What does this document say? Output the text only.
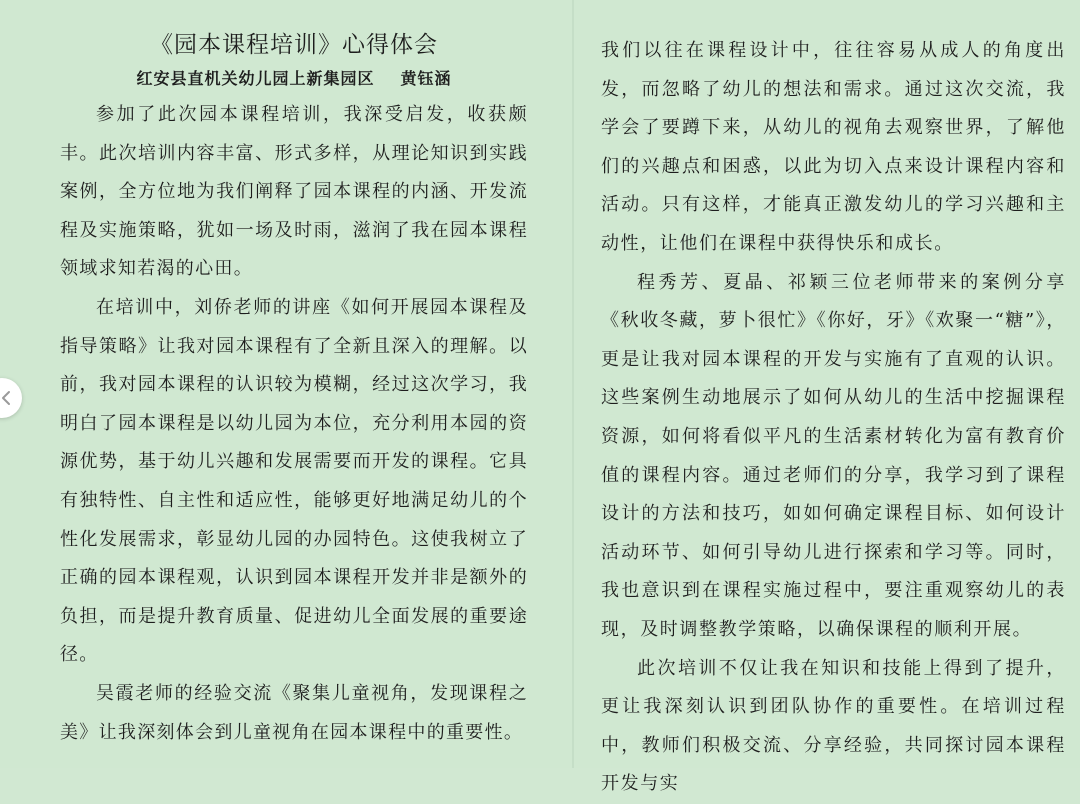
《园本课程培训》心得体会
红安县直机关幼儿园上新集园区 黄钰涵

参加了此次园本课程培训，我深受启发，收获颇丰。此次培训内容丰富、形式多样，从理论知识到实践案例，全方位地为我们阐释了园本课程的内涵、开发流程及实施策略，犹如一场及时雨，滋润了我在园本课程领域求知若渴的心田。

在培训中，刘侨老师的讲座《如何开展园本课程及指导策略》让我对园本课程有了全新且深入的理解。以前，我对园本课程的认识较为模糊，经过这次学习，我明白了园本课程是以幼儿园为本位，充分利用本园的资源优势，基于幼儿兴趣和发展需要而开发的课程。它具有独特性、自主性和适应性，能够更好地满足幼儿的个性化发展需求，彰显幼儿园的办园特色。这使我树立了正确的园本课程观，认识到园本课程开发并非是额外的负担，而是提升教育质量、促进幼儿全面发展的重要途径。

吴霞老师的经验交流《聚集儿童视角，发现课程之美》让我深刻体会到儿童视角在园本课程中的重要性。

我们以往在课程设计中，往往容易从成人的角度出发，而忽略了幼儿的想法和需求。通过这次交流，我学会了要蹲下来，从幼儿的视角去观察世界，了解他们的兴趣点和困惑，以此为切入点来设计课程内容和活动。只有这样，才能真正激发幼儿的学习兴趣和主动性，让他们在课程中获得快乐和成长。

程秀芳、夏晶、祁颖三位老师带来的案例分享《秋收冬藏，萝卜很忙》《你好，牙》《欢聚一“糖”》，更是让我对园本课程的开发与实施有了直观的认识。这些案例生动地展示了如何从幼儿的生活中挖掘课程资源，如何将看似平凡的生活素材转化为富有教育价值的课程内容。通过老师们的分享，我学习到了课程设计的方法和技巧，如如何确定课程目标、如何设计活动环节、如何引导幼儿进行探索和学习等。同时，我也意识到在课程实施过程中，要注重观察幼儿的表现，及时调整教学策略，以确保课程的顺利开展。

此次培训不仅让我在知识和技能上得到了提升，更让我深刻认识到团队协作的重要性。在培训过程中，教师们积极交流、分享经验，共同探讨园本课程开发与实
